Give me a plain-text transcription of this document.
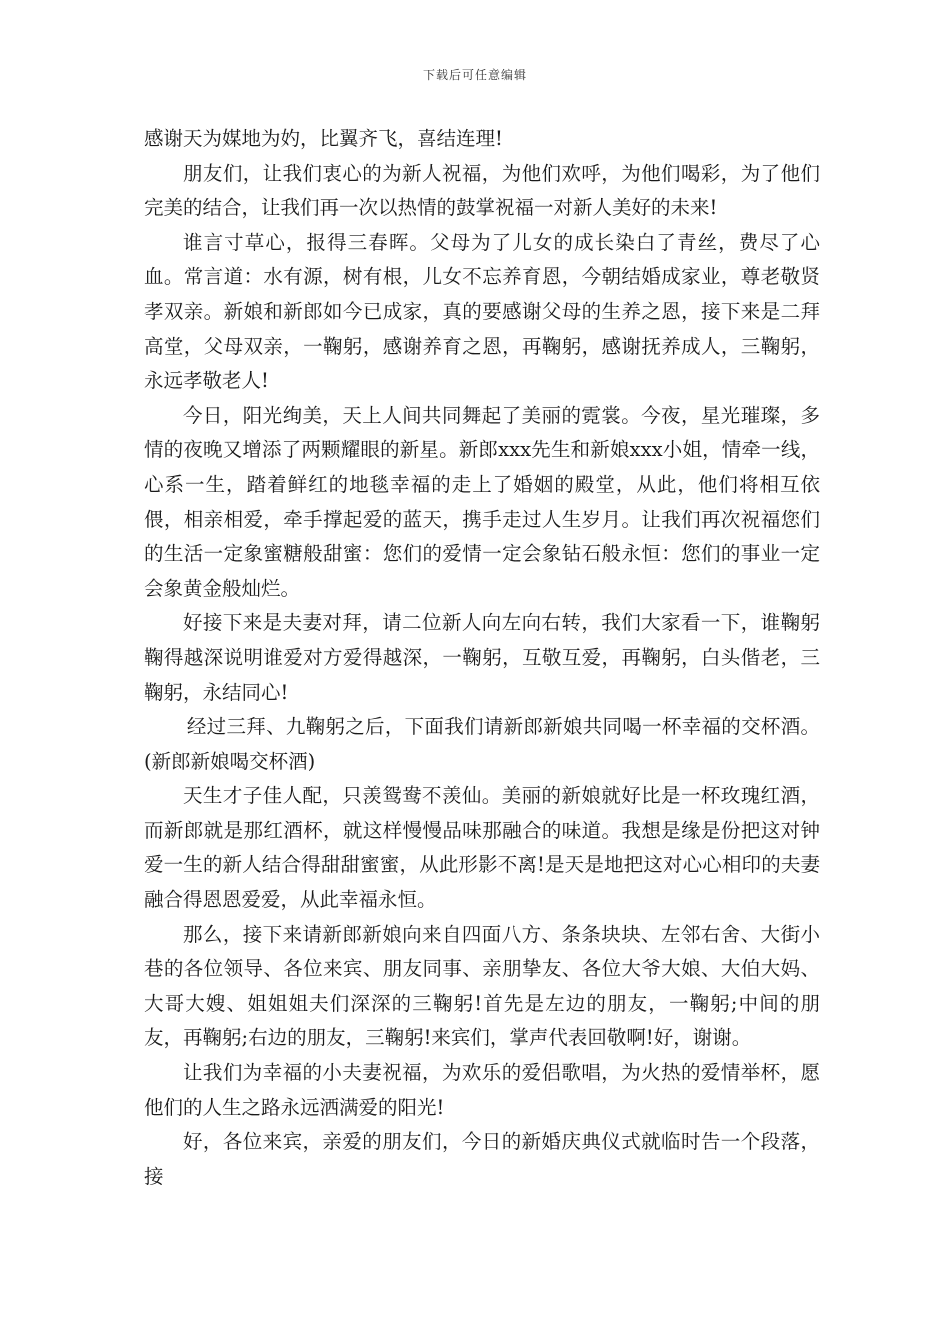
下载后可任意编辑

感谢天为媒地为妁，比翼齐飞，喜结连理!

朋友们，让我们衷心的为新人祝福，为他们欢呼，为他们喝彩，为了他们完美的结合，让我们再一次以热情的鼓掌祝福一对新人美好的未来!

谁言寸草心，报得三春晖。父母为了儿女的成长染白了青丝，费尽了心血。常言道：水有源，树有根，儿女不忘养育恩，今朝结婚成家业，尊老敬贤孝双亲。新娘和新郎如今已成家，真的要感谢父母的生养之恩，接下来是二拜高堂，父母双亲，一鞠躬，感谢养育之恩，再鞠躬，感谢抚养成人，三鞠躬，永远孝敬老人!

今日，阳光绚美，天上人间共同舞起了美丽的霓裳。今夜，星光璀璨，多情的夜晚又增添了两颗耀眼的新星。新郎xxx先生和新娘xxx小姐，情牵一线，心系一生，踏着鲜红的地毯幸福的走上了婚姻的殿堂，从此，他们将相互依偎，相亲相爱，牵手撑起爱的蓝天，携手走过人生岁月。让我们再次祝福您们的生活一定象蜜糖般甜蜜：您们的爱情一定会象钻石般永恒：您们的事业一定会象黄金般灿烂。

好接下来是夫妻对拜，请二位新人向左向右转，我们大家看一下，谁鞠躬鞠得越深说明谁爱对方爱得越深，一鞠躬，互敬互爱，再鞠躬，白头偕老，三鞠躬，永结同心!

经过三拜、九鞠躬之后，下面我们请新郎新娘共同喝一杯幸福的交杯酒。(新郎新娘喝交杯酒)

天生才子佳人配，只羡鸳鸯不羡仙。美丽的新娘就好比是一杯玫瑰红酒，而新郎就是那红酒杯，就这样慢慢品味那融合的味道。我想是缘是份把这对钟爱一生的新人结合得甜甜蜜蜜，从此形影不离!是天是地把这对心心相印的夫妻融合得恩恩爱爱，从此幸福永恒。

那么，接下来请新郎新娘向来自四面八方、条条块块、左邻右舍、大街小巷的各位领导、各位来宾、朋友同事、亲朋挚友、各位大爷大娘、大伯大妈、大哥大嫂、姐姐姐夫们深深的三鞠躬!首先是左边的朋友，一鞠躬;中间的朋友，再鞠躬;右边的朋友，三鞠躬!来宾们，掌声代表回敬啊!好，谢谢。

让我们为幸福的小夫妻祝福，为欢乐的爱侣歌唱，为火热的爱情举杯，愿他们的人生之路永远洒满爱的阳光!

好，各位来宾，亲爱的朋友们，今日的新婚庆典仪式就临时告一个段落，接
